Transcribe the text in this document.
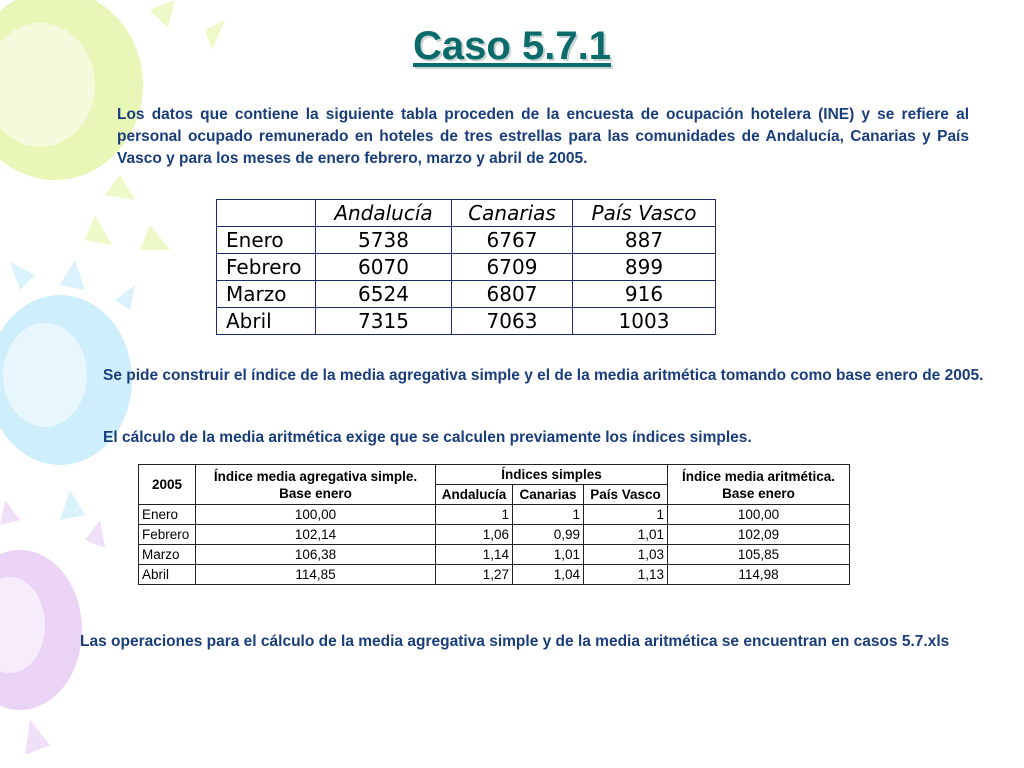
Caso 5.7.1

Los datos que contiene la siguiente tabla proceden de la encuesta de ocupación hotelera (INE) y se refiere al personal ocupado remunerado en hoteles de tres estrellas para las comunidades de Andalucía, Canarias y País Vasco y para los meses de enero febrero, marzo y abril de 2005.

	Andalucía	Canarias	País Vasco
Enero	5738	6767	887
Febrero	6070	6709	899
Marzo	6524	6807	916
Abril	7315	7063	1003

Se pide construir el índice de la media agregativa simple y el de la media aritmética tomando como base enero de 2005.

El cálculo de la media aritmética exige que se calculen previamente los índices simples.

2005	Índice media agregativa simple. Base enero	Índices simples			Índice media aritmética. Base enero
		Andalucía	Canarias	País Vasco	
Enero	100,00	1	1	1	100,00
Febrero	102,14	1,06	0,99	1,01	102,09
Marzo	106,38	1,14	1,01	1,03	105,85
Abril	114,85	1,27	1,04	1,13	114,98

Las operaciones para el cálculo de la media agregativa simple y de la media aritmética se encuentran en casos 5.7.xls
